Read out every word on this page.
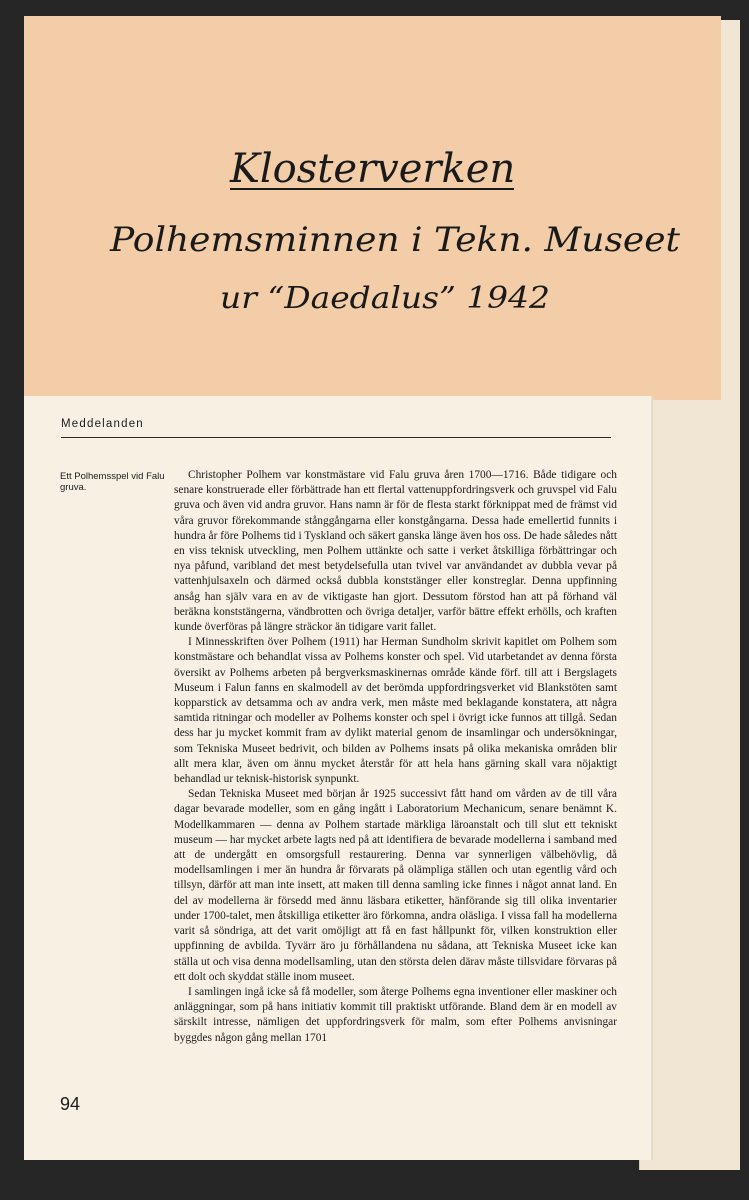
Klosterverken
Polhemsminnen i Tekn. Museet
ur “Daedalus” 1942
Meddelanden
Ett Polhemsspel vid Falu gruva.

Christopher Polhem var konstmästare vid Falu gruva åren 1700—1716. Både tidigare och senare konstruerade eller förbättrade han ett flertal vattenuppfordringsverk och gruvspel vid Falu gruva och även vid andra gruvor. Hans namn är för de flesta starkt förknippat med de främst vid våra gruvor förekommande stånggångarna eller konstgångarna. Dessa hade emellertid funnits i hundra år före Polhems tid i Tyskland och säkert ganska länge även hos oss. De hade således nått en viss teknisk utveckling, men Polhem uttänkte och satte i verket åtskilliga förbättringar och nya påfund, varibland det mest betydelsefulla utan tvivel var användandet av dubbla vevar på vattenhjulsaxeln och därmed också dubbla konststänger eller konstreglar. Denna uppfinning ansåg han själv vara en av de viktigaste han gjort. Dessutom förstod han att på förhand väl beräkna konststängerna, vändbrotten och övriga detaljer, varför bättre effekt erhölls, och kraften kunde överföras på längre sträckor än tidigare varit fallet.

I Minnesskriften över Polhem (1911) har Herman Sundholm skrivit kapitlet om Polhem som konstmästare och behandlat vissa av Polhems konster och spel. Vid utarbetandet av denna första översikt av Polhems arbeten på bergverksmaskinernas område kände förf. till att i Bergslagets Museum i Falun fanns en skalmodell av det berömda uppfordringsverket vid Blankstöten samt kopparstick av detsamma och av andra verk, men måste med beklagande konstatera, att några samtida ritningar och modeller av Polhems konster och spel i övrigt icke funnos att tillgå. Sedan dess har ju mycket kommit fram av dylikt material genom de insamlingar och undersökningar, som Tekniska Museet bedrivit, och bilden av Polhems insats på olika mekaniska områden blir allt mera klar, även om ännu mycket återstår för att hela hans gärning skall vara nöjaktigt behandlad ur teknisk-historisk synpunkt.

Sedan Tekniska Museet med början år 1925 successivt fått hand om vården av de till våra dagar bevarade modeller, som en gång ingått i Laboratorium Mechanicum, senare benämnt K. Modellkammaren — denna av Polhem startade märkliga läroanstalt och till slut ett tekniskt museum — har mycket arbete lagts ned på att identifiera de bevarade modellerna i samband med att de undergått en omsorgsfull restaurering. Denna var synnerligen välbehövlig, då modellsamlingen i mer än hundra år förvarats på olämpliga ställen och utan egentlig vård och tillsyn, därför att man inte insett, att maken till denna samling icke finnes i något annat land. En del av modellerna är försedd med ännu läsbara etiketter, hänförande sig till olika inventarier under 1700-talet, men åtskilliga etiketter äro förkomna, andra oläsliga. I vissa fall ha modellerna varit så söndriga, att det varit omöjligt att få en fast hållpunkt för, vilken konstruktion eller uppfinning de avbilda. Tyvärr äro ju förhållandena nu sådana, att Tekniska Museet icke kan ställa ut och visa denna modellsamling, utan den största delen därav måste tillsvidare förvaras på ett dolt och skyddat ställe inom museet.

I samlingen ingå icke så få modeller, som återge Polhems egna inventioner eller maskiner och anläggningar, som på hans initiativ kommit till praktiskt utförande. Bland dem är en modell av särskilt intresse, nämligen det uppfordringsverk för malm, som efter Polhems anvisningar byggdes någon gång mellan 1701

94
